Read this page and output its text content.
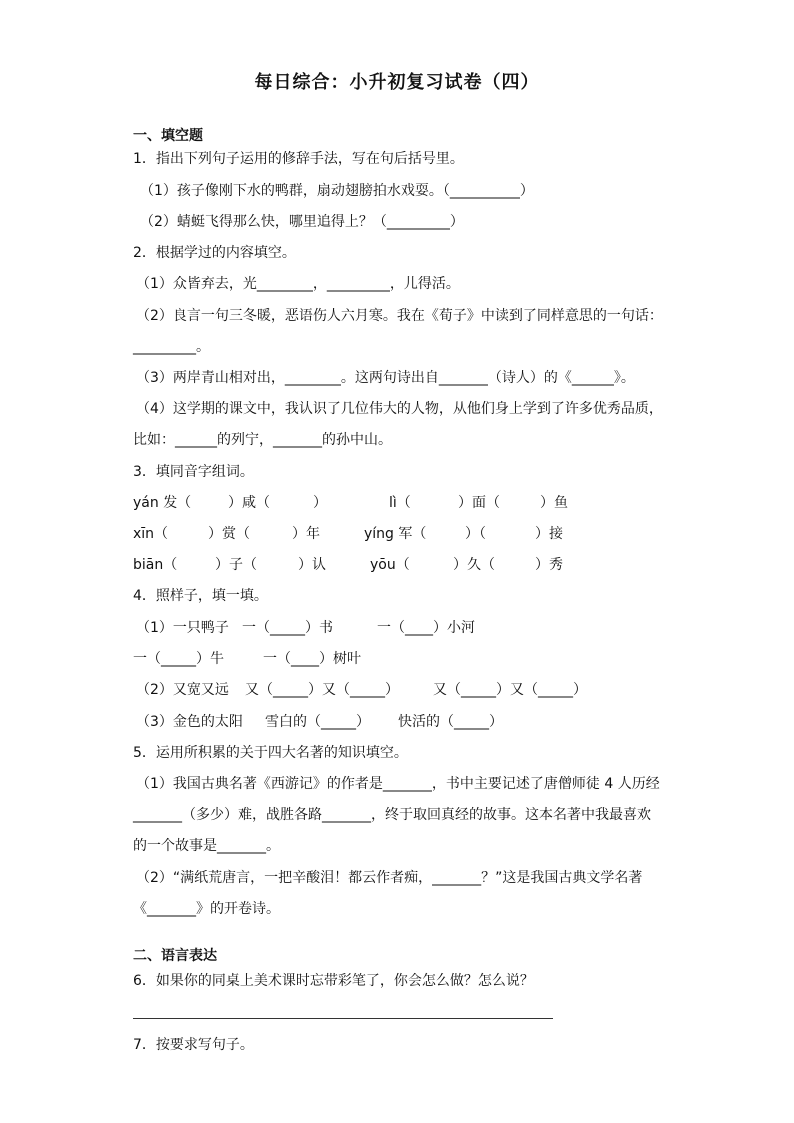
每日综合：小升初复习试卷（四）
一、填空题
1．指出下列句子运用的修辞手法，写在句后括号里。
（1）孩子像刚下水的鸭群，扇动翅膀拍水戏耍。（__________）
（2）蜻蜓飞得那么快，哪里追得上？（_________）
2．根据学过的内容填空。
（1）众皆弃去，光________，_________，儿得活。
（2）良言一句三冬暖，恶语伤人六月寒。我在《荀子》中读到了同样意思的一句话：
_________。
（3）两岸青山相对出，________。这两句诗出自_______（诗人）的《______》。
（4）这学期的课文中，我认识了几位伟大的人物，从他们身上学到了许多优秀品质，
比如：______的列宁，_______的孙中山。
3．填同音字组词。
yán 发（	）咸（	）	lì（	）面（	）鱼
xīn（	）赏（	）年	yíng 军（	）（	）接
biān（	）子（	）认	yōu（	）久（	）秀
4．照样子，填一填。
（1）一只鸭子 一（_____）书	一（____）小河
一（_____）牛	一（____）树叶
（2）又宽又远 又（_____）又（_____） 又（_____）又（_____）
（3）金色的太阳 雪白的（_____） 快活的（_____）
5．运用所积累的关于四大名著的知识填空。
（1）我国古典名著《西游记》的作者是_______，书中主要记述了唐僧师徒 4 人历经
_______（多少）难，战胜各路_______，终于取回真经的故事。这本名著中我最喜欢
的一个故事是_______。
（2）“满纸荒唐言，一把辛酸泪！都云作者痴，_______？”这是我国古典文学名著
《_______》的开卷诗。
二、语言表达
6．如果你的同桌上美术课时忘带彩笔了，你会怎么做？怎么说？
7．按要求写句子。
